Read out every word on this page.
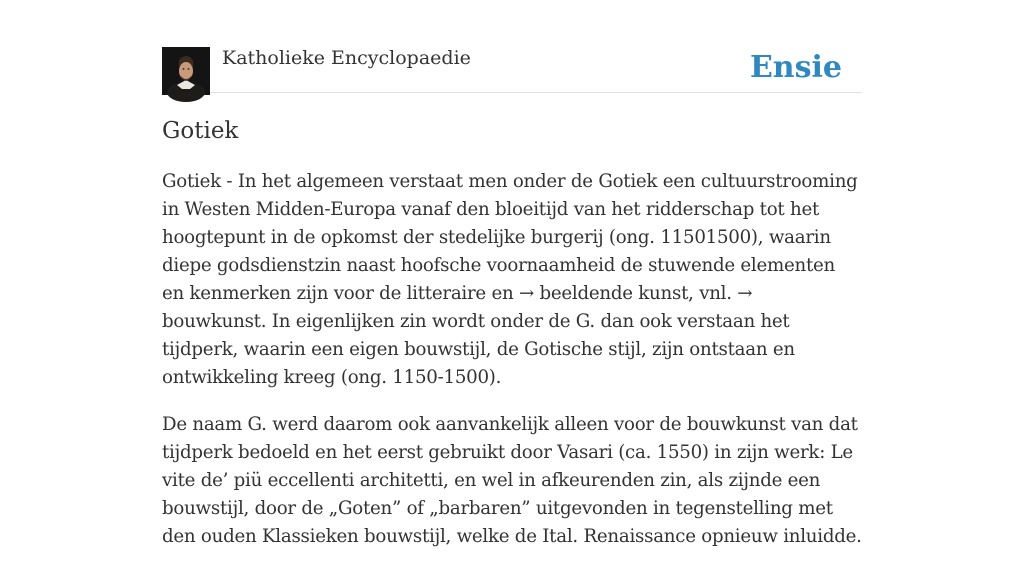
Katholieke Encyclopaedie	Ensie
Gotiek

Gotiek - In het algemeen verstaat men onder de Gotiek een cultuurstrooming in Westen Midden-Europa vanaf den bloeitijd van het ridderschap tot het hoogtepunt in de opkomst der stedelijke burgerij (ong. 11501500), waarin diepe godsdienstzin naast hoofsche voornaamheid de stuwende elementen en kenmerken zijn voor de litteraire en → beeldende kunst, vnl. → bouwkunst. In eigenlijken zin wordt onder de G. dan ook verstaan het tijdperk, waarin een eigen bouwstijl, de Gotische stijl, zijn ontstaan en ontwikkeling kreeg (ong. 1150-1500).

De naam G. werd daarom ook aanvankelijk alleen voor de bouwkunst van dat tijdperk bedoeld en het eerst gebruikt door Vasari (ca. 1550) in zijn werk: Le vite de’ piü eccellenti architetti, en wel in afkeurenden zin, als zijnde een bouwstijl, door de „Goten” of „barbaren” uitgevonden in tegenstelling met den ouden Klassieken bouwstijl, welke de Ital. Renaissance opnieuw inluidde.
